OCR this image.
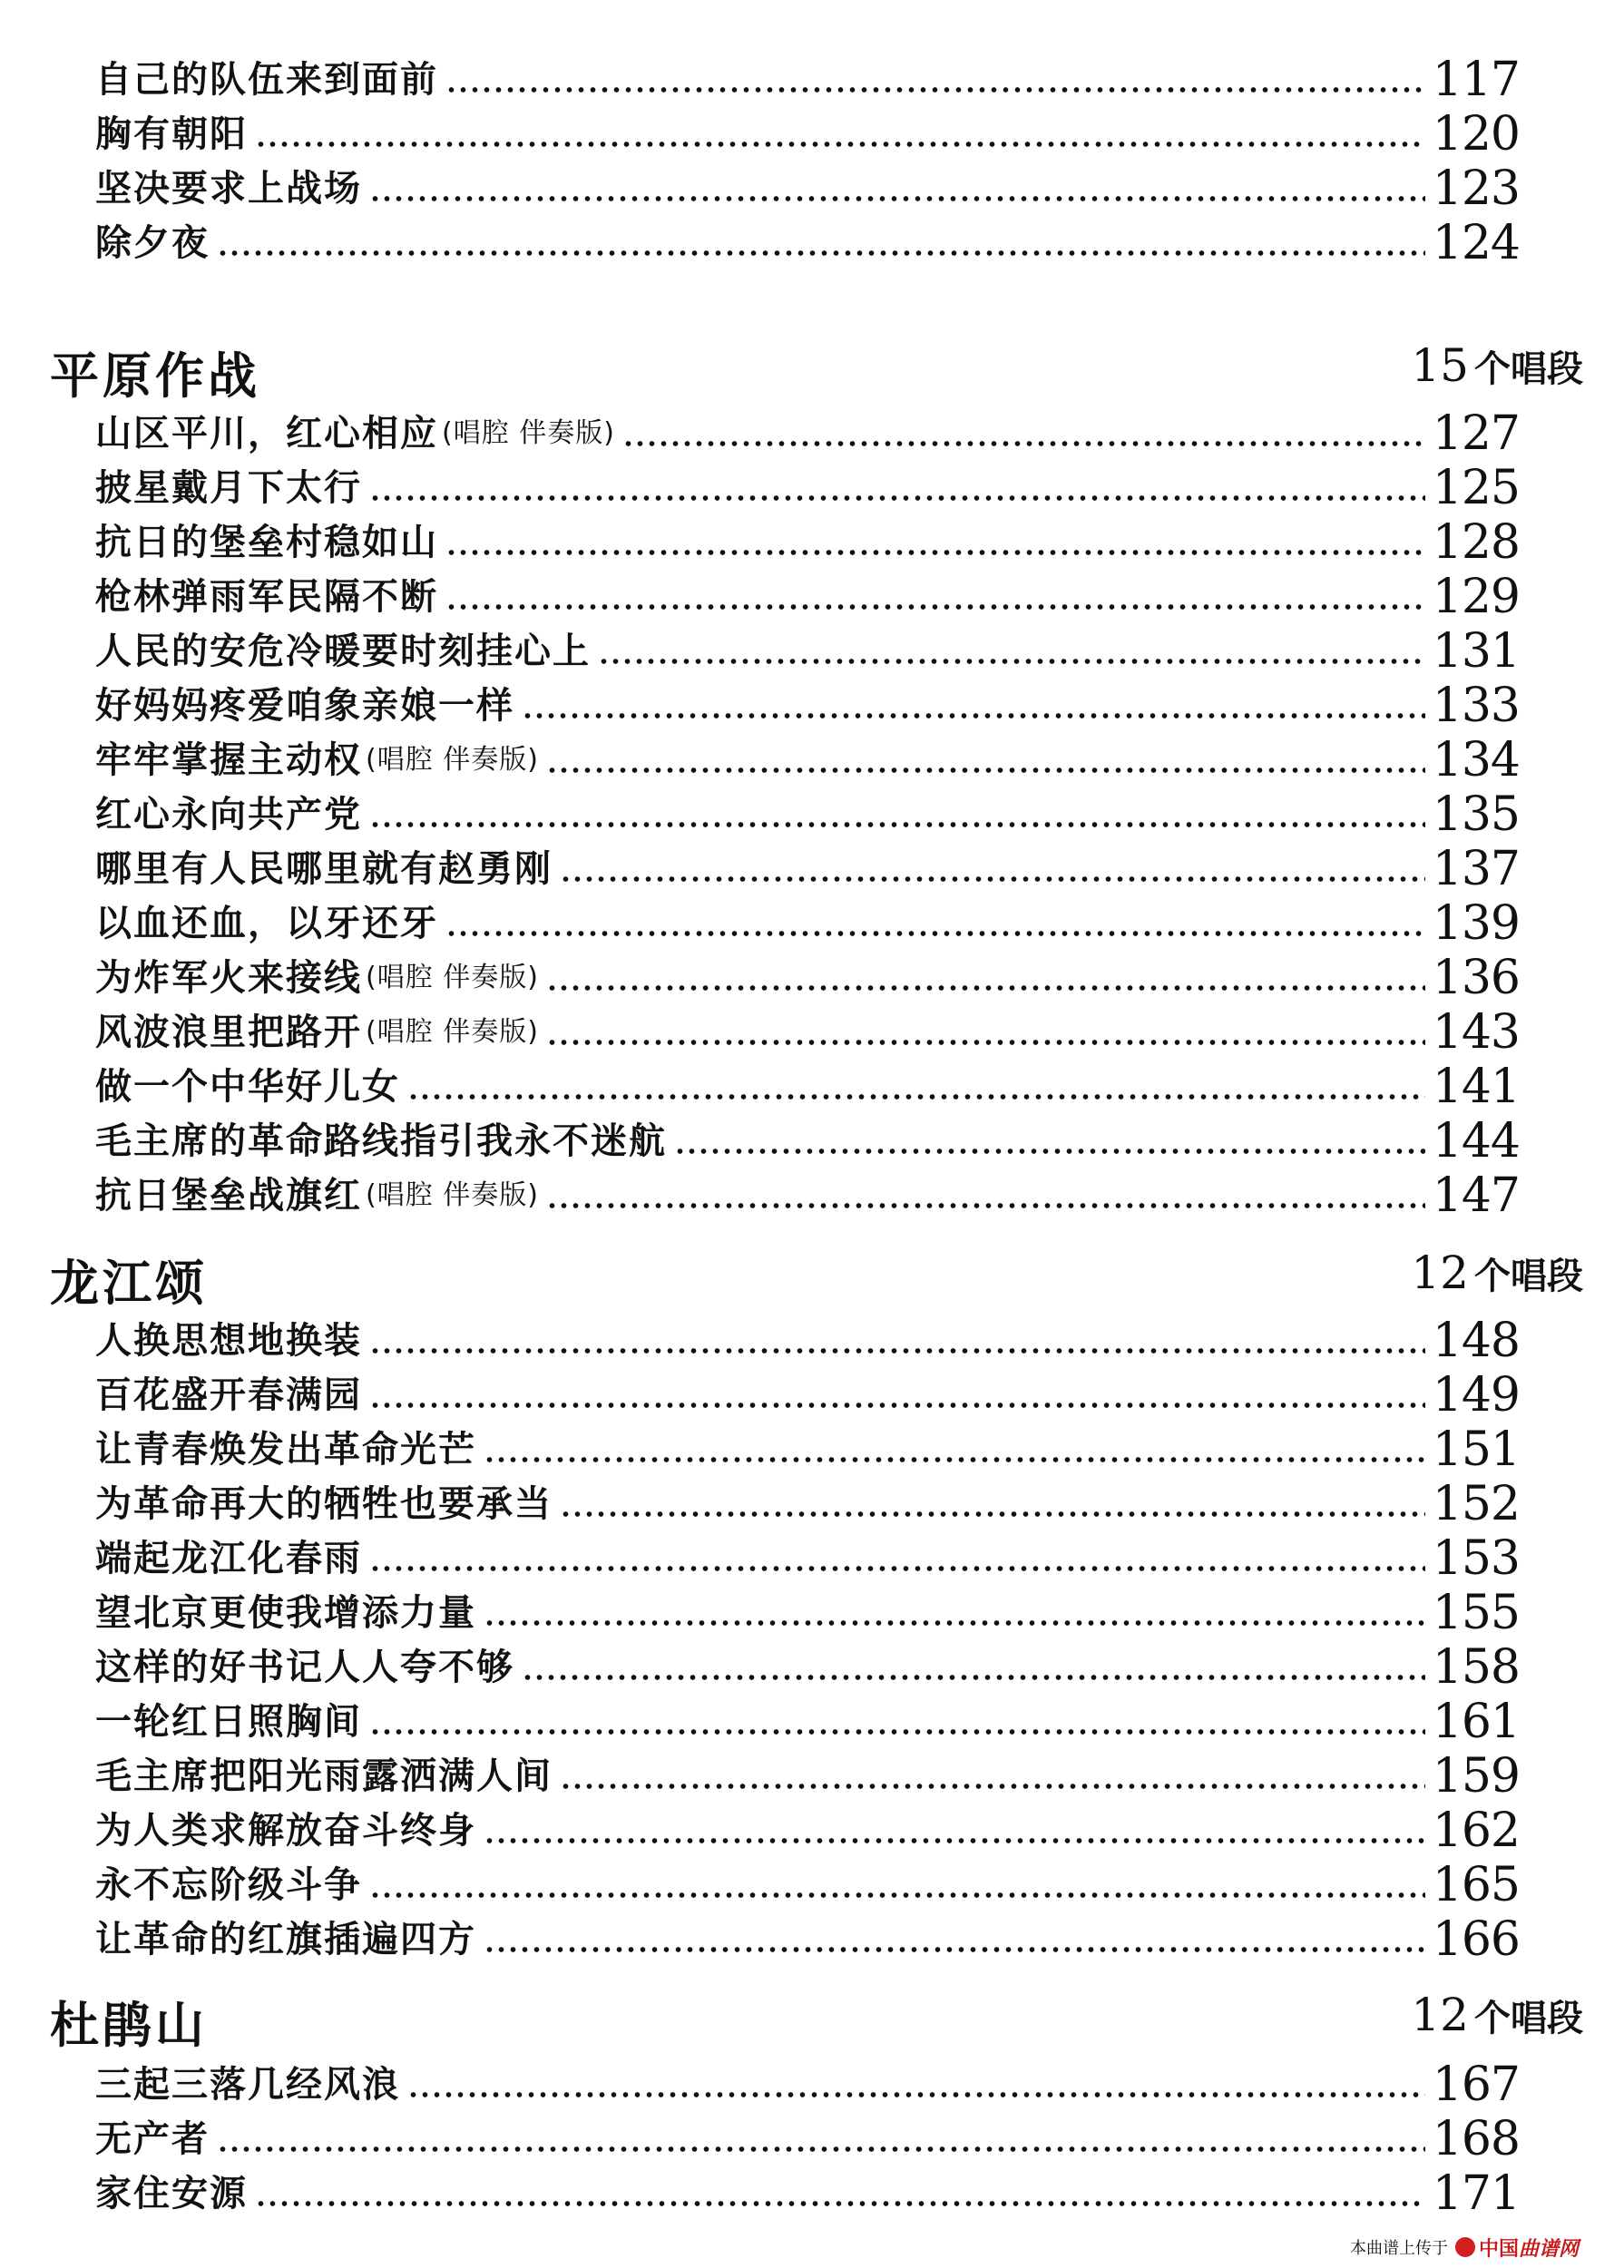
自己的队伍来到面前	117
胸有朝阳	120
坚决要求上战场	123
除夕夜	124
平原作战	15 个唱段
山区平川，红心相应 (唱腔 伴奏版)	127
披星戴月下太行	125
抗日的堡垒村稳如山	128
枪林弹雨军民隔不断	129
人民的安危冷暖要时刻挂心上	131
好妈妈疼爱咱象亲娘一样	133
牢牢掌握主动权 (唱腔 伴奏版)	134
红心永向共产党	135
哪里有人民哪里就有赵勇刚	137
以血还血，以牙还牙	139
为炸军火来接线 (唱腔 伴奏版)	136
风波浪里把路开 (唱腔 伴奏版)	143
做一个中华好儿女	141
毛主席的革命路线指引我永不迷航	144
抗日堡垒战旗红 (唱腔 伴奏版)	147
龙江颂	12 个唱段
人换思想地换装	148
百花盛开春满园	149
让青春焕发出革命光芒	151
为革命再大的牺牲也要承当	152
端起龙江化春雨	153
望北京更使我增添力量	155
这样的好书记人人夸不够	158
一轮红日照胸间	161
毛主席把阳光雨露洒满人间	159
为人类求解放奋斗终身	162
永不忘阶级斗争	165
让革命的红旗插遍四方	166
杜鹃山	12 个唱段
三起三落几经风浪	167
无产者	168
家住安源	171
本曲谱上传于 中国 曲谱网
